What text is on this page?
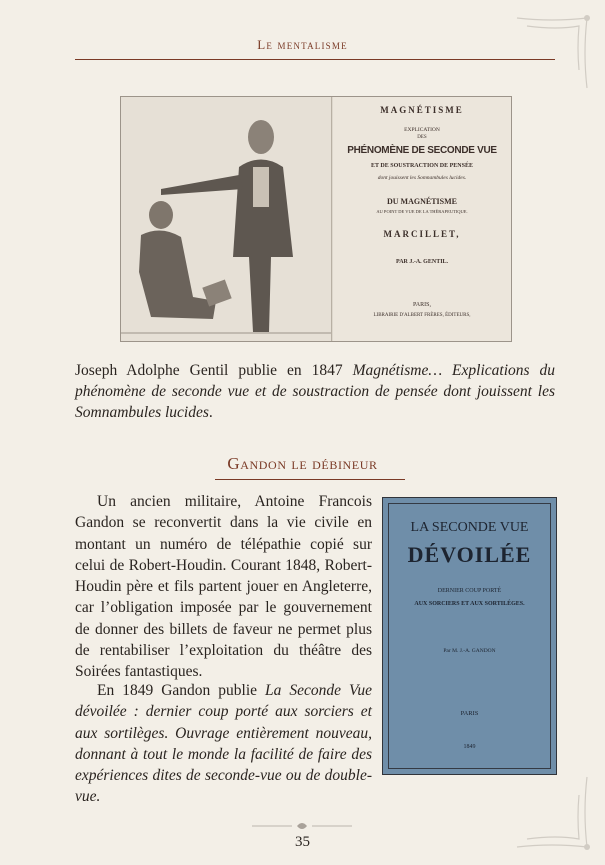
Le mentalisme
MAGNÉTISME
EXPLICATION
DES
PHÉNOMÈNE DE SECONDE VUE
ET DE SOUSTRACTION DE PENSÉE
dont jouissent les Somnambules lucides.
DU MAGNÉTISME
AU POINT DE VUE DE LA THÉRAPEUTIQUE.
MARCILLET,
PAR J.-A. GENTIL.
PARIS,
LIBRAIRIE D'ALBERT FRÈRES, ÉDITEURS,
Joseph Adolphe Gentil publie en 1847 Magnétisme… Explications du phénomène de seconde vue et de soustraction de pensée dont jouissent les Somnambules lucides.
Gandon le débineur
Un ancien militaire, Antoine Francois Gandon se reconvertit dans la vie civile en montant un numéro de télépathie copié sur celui de Robert-Houdin. Courant 1848, Robert-Houdin père et fils partent jouer en Angleterre, car l’obligation imposée par le gouvernement de donner des billets de faveur ne permet plus de rentabiliser l’exploitation du théâtre des Soirées fantastiques.
En 1849 Gandon publie La Seconde Vue dévoilée : dernier coup porté aux sorciers et aux sortilèges. Ouvrage entièrement nouveau, donnant à tout le monde la facilité de faire des expériences dites de seconde-vue ou de double-vue.
LA SECONDE VUE
DÉVOILÉE
DERNIER COUP PORTÉ
AUX SORCIERS ET AUX SORTILÉGES.
Par M. J.-A. GANDON
PARIS
1849
35
